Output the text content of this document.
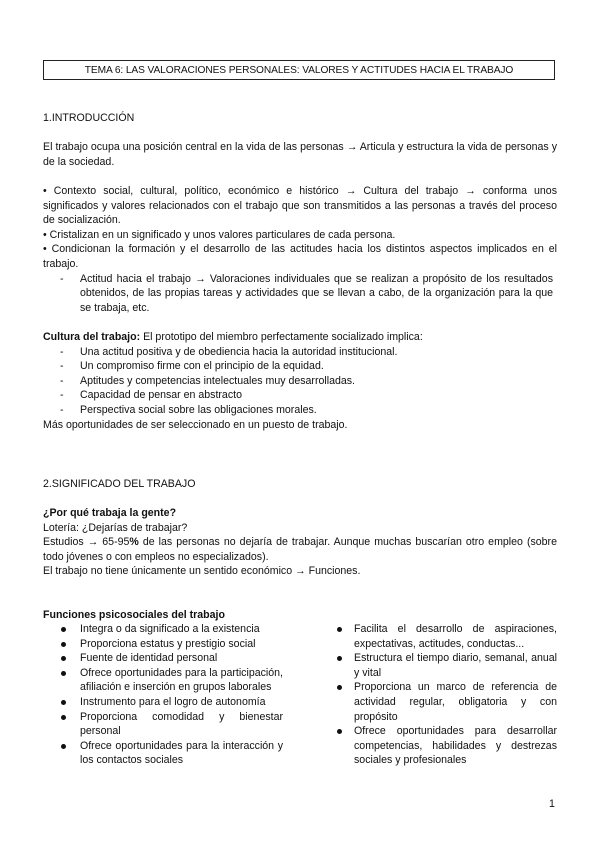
TEMA 6: LAS VALORACIONES PERSONALES: VALORES Y ACTITUDES HACIA EL TRABAJO
1.INTRODUCCIÓN

El trabajo ocupa una posición central en la vida de las personas → Articula y estructura la vida de personas y de la sociedad.

• Contexto social, cultural, político, económico e histórico → Cultura del trabajo → conforma unos significados y valores relacionados con el trabajo que son transmitidos a las personas a través del proceso de socialización.

• Cristalizan en un significado y unos valores particulares de cada persona.

• Condicionan la formación y el desarrollo de las actitudes hacia los distintos aspectos implicados en el trabajo.

- Actitud hacia el trabajo → Valoraciones individuales que se realizan a propósito de los resultados obtenidos, de las propias tareas y actividades que se llevan a cabo, de la organización para la que se trabaja, etc.

Cultura del trabajo: El prototipo del miembro perfectamente socializado implica:

- Una actitud positiva y de obediencia hacia la autoridad institucional.
- Un compromiso firme con el principio de la equidad.
- Aptitudes y competencias intelectuales muy desarrolladas.
- Capacidad de pensar en abstracto
- Perspectiva social sobre las obligaciones morales.

Más oportunidades de ser seleccionado en un puesto de trabajo.

2.SIGNIFICADO DEL TRABAJO

¿Por qué trabaja la gente?

Lotería: ¿Dejarías de trabajar?

Estudios → 65-95% de las personas no dejaría de trabajar. Aunque muchas buscarían otro empleo (sobre todo jóvenes o con empleos no especializados).

El trabajo no tiene únicamente un sentido económico → Funciones.

Funciones psicosociales del trabajo
Integra o da significado a la existencia
Proporciona estatus y prestigio social
Fuente de identidad personal
Ofrece oportunidades para la participación, afiliación e inserción en grupos laborales
Instrumento para el logro de autonomía
Proporciona comodidad y bienestar personal
Ofrece oportunidades para la interacción y los contactos sociales
Facilita el desarrollo de aspiraciones, expectativas, actitudes, conductas...
Estructura el tiempo diario, semanal, anual y vital
Proporciona un marco de referencia de actividad regular, obligatoria y con propósito
Ofrece oportunidades para desarrollar competencias, habilidades y destrezas sociales y profesionales
1
